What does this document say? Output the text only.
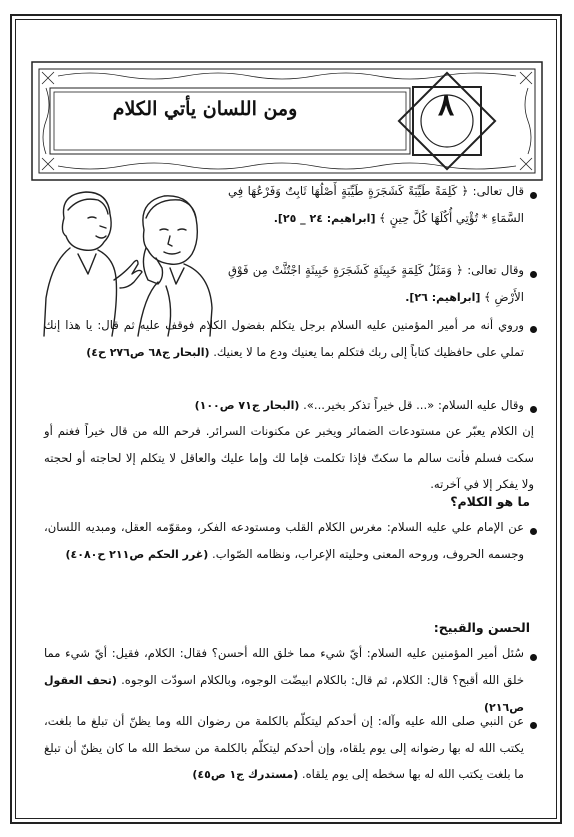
ومن اللسان يأتي الكلام	٨
قال تعالى: ﴿ كَلِمَةً طَيِّبَةً كَشَجَرَةٍ طَيِّبَةٍ أَصْلُهَا ثَابِتٌ وَفَرْعُهَا فِي السَّمَاءِ * تُؤْتِي أُكُلَهَا كُلَّ حِينٍ ﴾ [ابراهيم: ٢٤ _ ٢٥].
وقال تعالى: ﴿ وَمَثَلُ كَلِمَةٍ خَبِيثَةٍ كَشَجَرَةٍ خَبِيثَةٍ اجْتُثَّتْ مِن فَوْقِ الأَرْضِ ﴾ [ابراهيم: ٢٦].
وروي أنه مر أمير المؤمنين عليه السلام برجل يتكلم بفضول الكلام فوقف عليه ثم قال: يا هذا إنك تملي على حافظيك كتاباً إلى ربك فتكلم بما يعنيك ودع ما لا يعنيك. (البحار ج٦٨ ص٢٧٦ ح٤)
وقال عليه السلام: «... قل خيراً تذكر بخير...». (البحار ج٧١ ص١٠٠)
إن الكلام يعبّر عن مستودعات الضمائر ويخبر عن مكنونات السرائر. فرحم الله من قال خيراً فغنم أو سكت فسلم فأنت سالم ما سكتّ فإذا تكلمت فإما لك وإما عليك والعاقل لا يتكلم إلا لحاجته أو لحجته ولا يفكر إلا في آخرته.
ما هو الكلام؟
عن الإمام علي عليه السلام: مغرس الكلام القلب ومستودعه الفكر، ومقوّمه العقل، ومبديه اللسان، وجسمه الحروف، وروحه المعنى وحليته الإعراب، ونظامه الصّواب. (غرر الحكم ص٢١١ ح٤٠٨٠)
الحسن والقبيح:
سُئل أمير المؤمنين عليه السلام: أيّ شيء مما خلق الله أحسن؟ فقال: الكلام، فقيل: أيّ شيء مما خلق الله أقبح؟ قال: الكلام، ثم قال: بالكلام ابيضّت الوجوه، وبالكلام اسودّت الوجوه. (تحف العقول ص٢١٦)
عن النبي صلى الله عليه وآله: إن أحدكم ليتكلّم بالكلمة من رضوان الله وما يظنّ أن تبلغ ما بلغت، يكتب الله له بها رضوانه إلى يوم يلقاه، وإن أحدكم ليتكلّم بالكلمة من سخط الله ما كان يظنّ أن تبلغ ما بلغت يكتب الله له بها سخطه إلى يوم يلقاه. (مستدرك ج١ ص٤٥)
